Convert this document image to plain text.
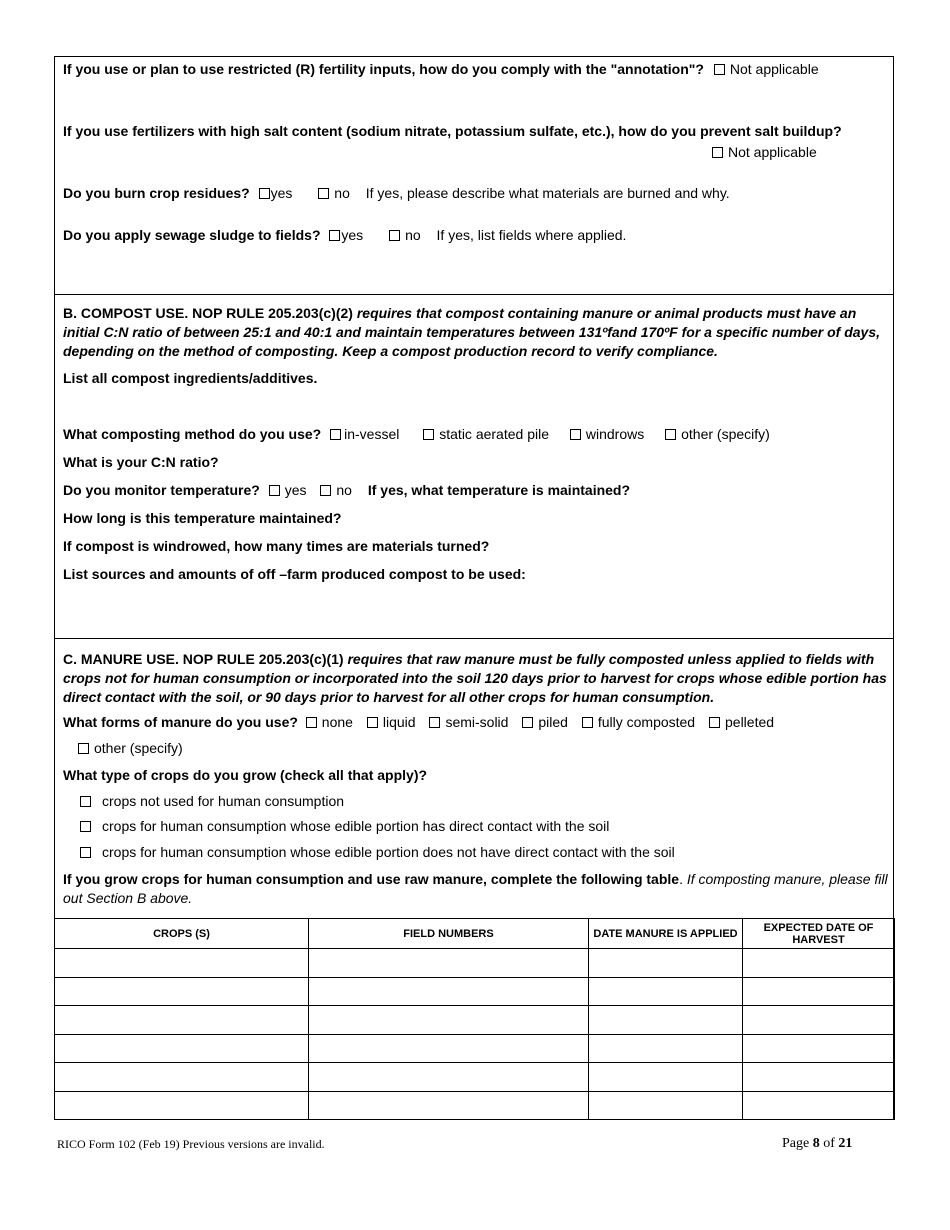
If you use or plan to use restricted (R) fertility inputs, how do you comply with the "annotation"? Not applicable
If you use fertilizers with high salt content (sodium nitrate, potassium sulfate, etc.), how do you prevent salt buildup?
Not applicable
Do you burn crop residues? yes	no If yes, please describe what materials are burned and why.
Do you apply sewage sludge to fields? yes	no If yes, list fields where applied.
B. COMPOST USE. NOP RULE 205.203(c)(2) requires that compost containing manure or animal products must have an initial C:N ratio of between 25:1 and 40:1 and maintain temperatures between 131ºfand 170ºF for a specific number of days, depending on the method of composting. Keep a compost production record to verify compliance.
List all compost ingredients/additives.
What composting method do you use? in-vessel	static aerated pile	windrows	other (specify)
What is your C:N ratio?
Do you monitor temperature? yes no If yes, what temperature is maintained?
How long is this temperature maintained?
If compost is windrowed, how many times are materials turned?
List sources and amounts of off –farm produced compost to be used:
C. MANURE USE. NOP RULE 205.203(c)(1) requires that raw manure must be fully composted unless applied to fields with crops not for human consumption or incorporated into the soil 120 days prior to harvest for crops whose edible portion has direct contact with the soil, or 90 days prior to harvest for all other crops for human consumption.
What forms of manure do you use? none liquid semi-solid piled fully composted pelleted
other (specify)
What type of crops do you grow (check all that apply)?
crops not used for human consumption
crops for human consumption whose edible portion has direct contact with the soil
crops for human consumption whose edible portion does not have direct contact with the soil
If you grow crops for human consumption and use raw manure, complete the following table. If composting manure, please fill out Section B above.
CROPS (S)	FIELD NUMBERS	DATE MANURE IS APPLIED	EXPECTED DATE OF HARVEST

RICO Form 102 (Feb 19) Previous versions are invalid.	Page 8 of 21
